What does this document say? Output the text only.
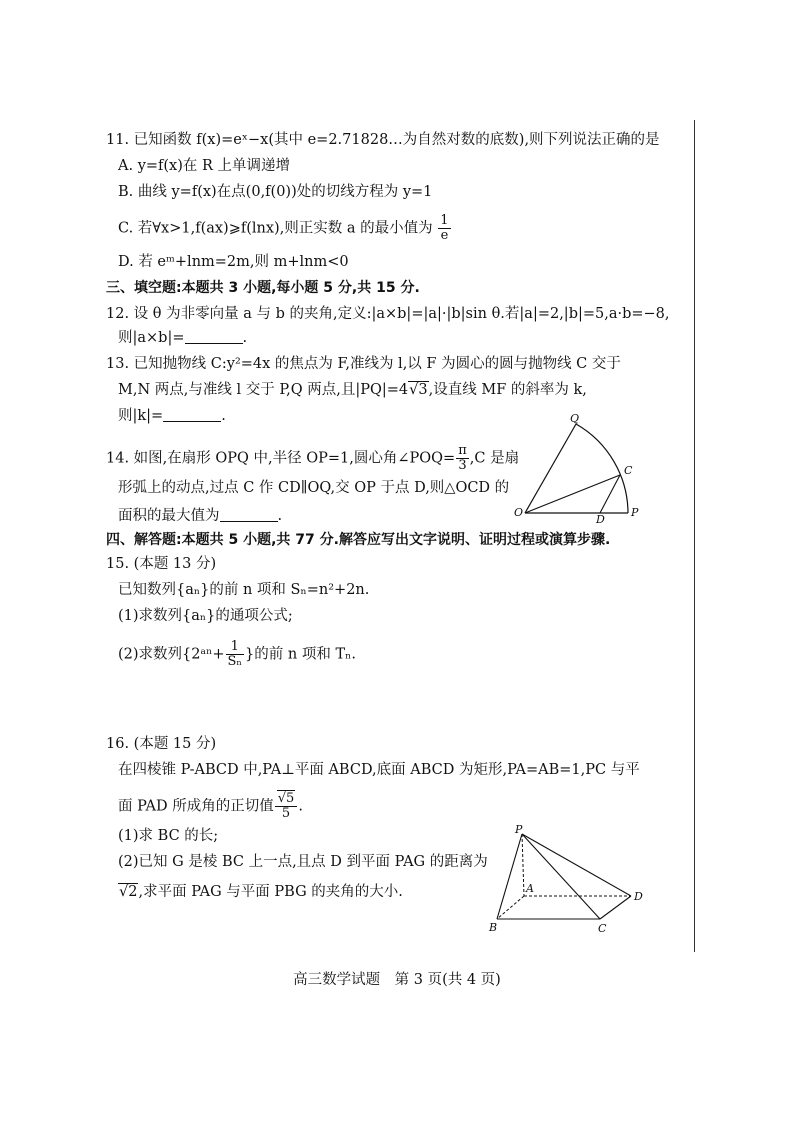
11. 已知函数 f(x)=eˣ−x(其中 e=2.71828…为自然对数的底数),则下列说法正确的是
A. y=f(x)在 R 上单调递增
B. 曲线 y=f(x)在点(0,f(0))处的切线方程为 y=1
C. 若∀x>1,f(ax)⩾f(lnx),则正实数 a 的最小值为 $\frac{1}{e}$
D. 若 eᵐ+lnm=2m,则 m+lnm<0
三、填空题:本题共 3 小题,每小题 5 分,共 15 分.
12. 设 θ 为非零向量 a 与 b 的夹角,定义:|a×b|=|a|·|b|sin θ.若|a|=2,|b|=5,a·b=−8,
则|a×b|=	.
13. 已知抛物线 C:y²=4x 的焦点为 F,准线为 l,以 F 为圆心的圆与抛物线 C 交于
M,N 两点,与准线 l 交于 P,Q 两点,且|PQ|=4√3,设直线 MF 的斜率为 k,
则|k|=	.
14. 如图,在扇形 OPQ 中,半径 OP=1,圆心角∠POQ= $\frac{\pi}{3} ,C$ 是扇
形弧上的动点,过点 C 作 CD∥OQ,交 OP 于点 D,则△OCD 的
面积的最大值为	.
Q
C
O
D
P
四、解答题:本题共 5 小题,共 77 分.解答应写出文字说明、证明过程或演算步骤.
15. (本题 13 分)
已知数列{aₙ}的前 n 项和 Sₙ=n²+2n.
(1)求数列{aₙ}的通项公式;
(2)求数列{2ᵃⁿ+ $\frac{1}{\text{Sₙ}}$ }的前 n 项和 Tₙ.
16. (本题 15 分)
在四棱锥 P-ABCD 中,PA⊥平面 ABCD,底面 ABCD 为矩形,PA=AB=1,PC 与平
面 PAD 所成角的正切值 $\frac{√5}{5}$ .
(1)求 BC 的长;
(2)已知 G 是棱 BC 上一点,且点 D 到平面 PAG 的距离为
√2,求平面 PAG 与平面 PBG 的夹角的大小.
P
A
B	C
D
高三数学试题　第 3 页(共 4 页)
